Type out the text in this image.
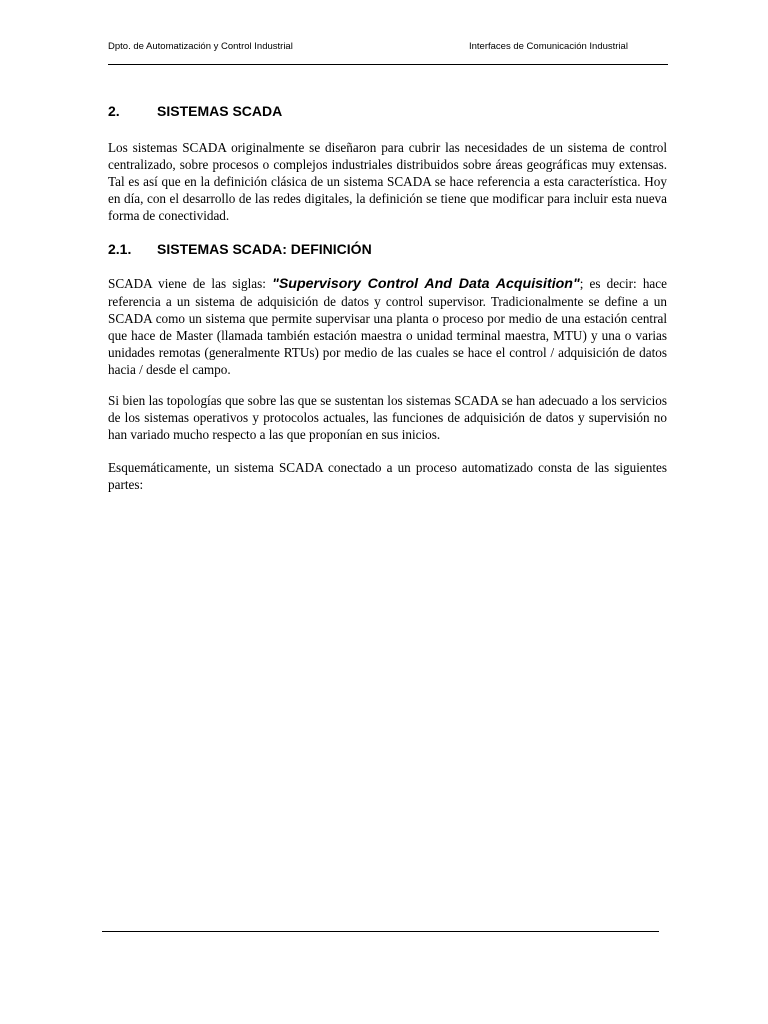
Dpto. de Automatización y Control Industrial	Interfaces de Comunicación Industrial
2.	SISTEMAS SCADA

Los sistemas SCADA originalmente se diseñaron para cubrir las necesidades de un sistema de control centralizado, sobre procesos o complejos industriales distribuidos sobre áreas geográficas muy extensas. Tal es así que en la definición clásica de un sistema SCADA se hace referencia a esta característica. Hoy en día, con el desarrollo de las redes digitales, la definición se tiene que modificar para incluir esta nueva forma de conectividad.

2.1. SISTEMAS SCADA: DEFINICIÓN

SCADA viene de las siglas: "Supervisory Control And Data Acquisition"; es decir: hace referencia a un sistema de adquisición de datos y control supervisor. Tradicionalmente se define a un SCADA como un sistema que permite supervisar una planta o proceso por medio de una estación central que hace de Master (llamada también estación maestra o unidad terminal maestra, MTU) y una o varias unidades remotas (generalmente RTUs) por medio de las cuales se hace el control / adquisición de datos hacia / desde el campo.

Si bien las topologías que sobre las que se sustentan los sistemas SCADA se han adecuado a los servicios de los sistemas operativos y protocolos actuales, las funciones de adquisición de datos y supervisión no han variado mucho respecto a las que proponían en sus inicios.

Esquemáticamente, un sistema SCADA conectado a un proceso automatizado consta de las siguientes partes:
